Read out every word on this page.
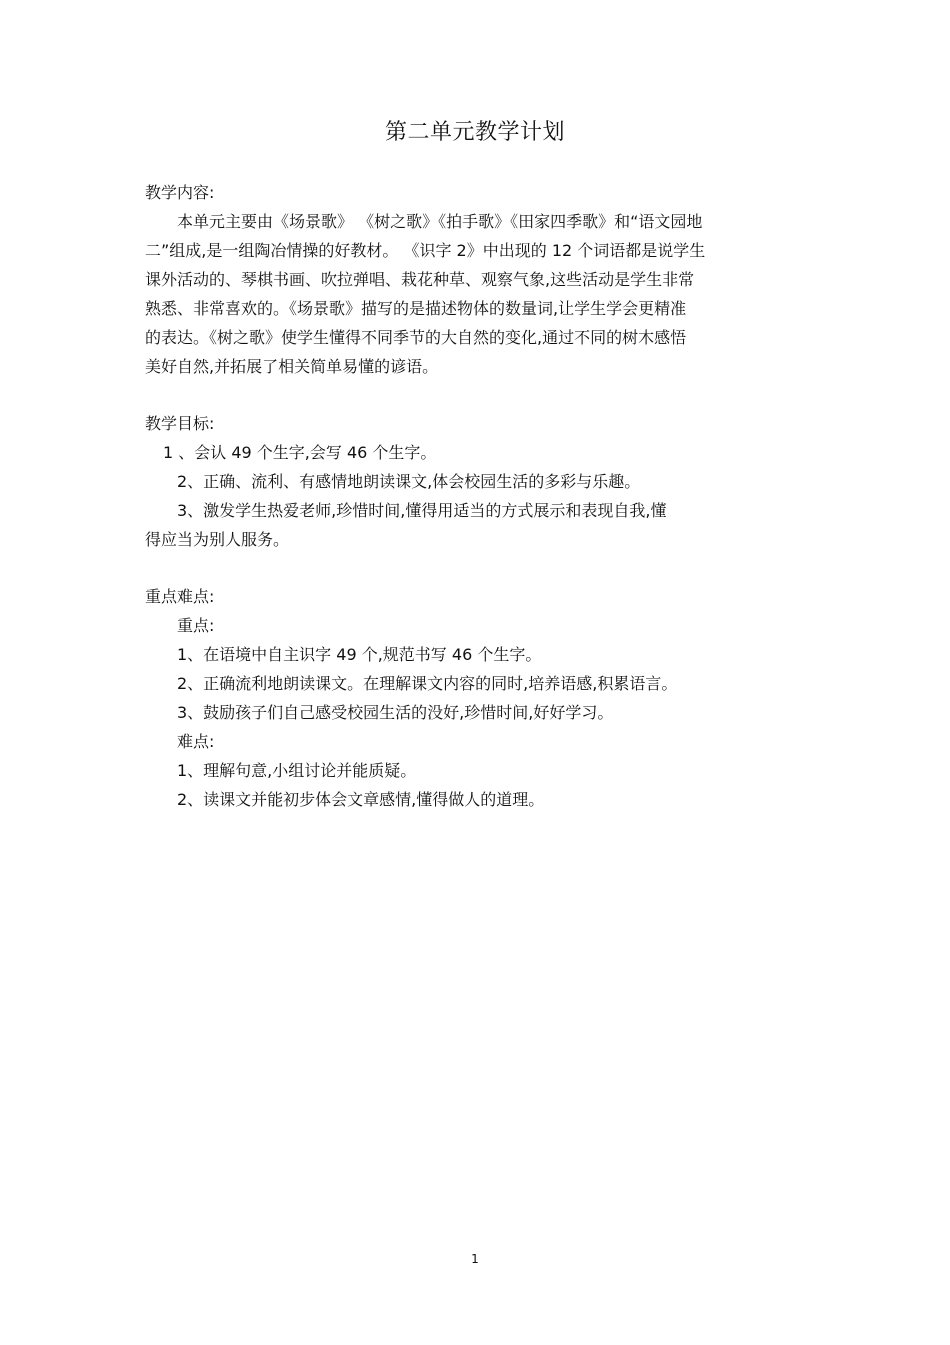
第二单元教学计划
教学内容:
本单元主要由《场景歌》 《树之歌》《拍手歌》《田家四季歌》和“语文园地
二”组成,是一组陶冶情操的好教材。 《识字 2》中出现的 12 个词语都是说学生
课外活动的、琴棋书画、吹拉弹唱、栽花种草、观察气象,这些活动是学生非常
熟悉、非常喜欢的。《场景歌》描写的是描述物体的数量词,让学生学会更精准
的表达。《树之歌》使学生懂得不同季节的大自然的变化,通过不同的树木感悟
美好自然,并拓展了相关简单易懂的谚语。
教学目标:
1 、会认 49 个生字,会写 46 个生字。
2、正确、流利、有感情地朗读课文,体会校园生活的多彩与乐趣。
3、激发学生热爱老师,珍惜时间,懂得用适当的方式展示和表现自我,懂
得应当为别人服务。
重点难点:
重点:
1、在语境中自主识字 49 个,规范书写 46 个生字。
2、正确流利地朗读课文。在理解课文内容的同时,培养语感,积累语言。
3、鼓励孩子们自己感受校园生活的没好,珍惜时间,好好学习。
难点:
1、理解句意,小组讨论并能质疑。
2、读课文并能初步体会文章感情,懂得做人的道理。
1
